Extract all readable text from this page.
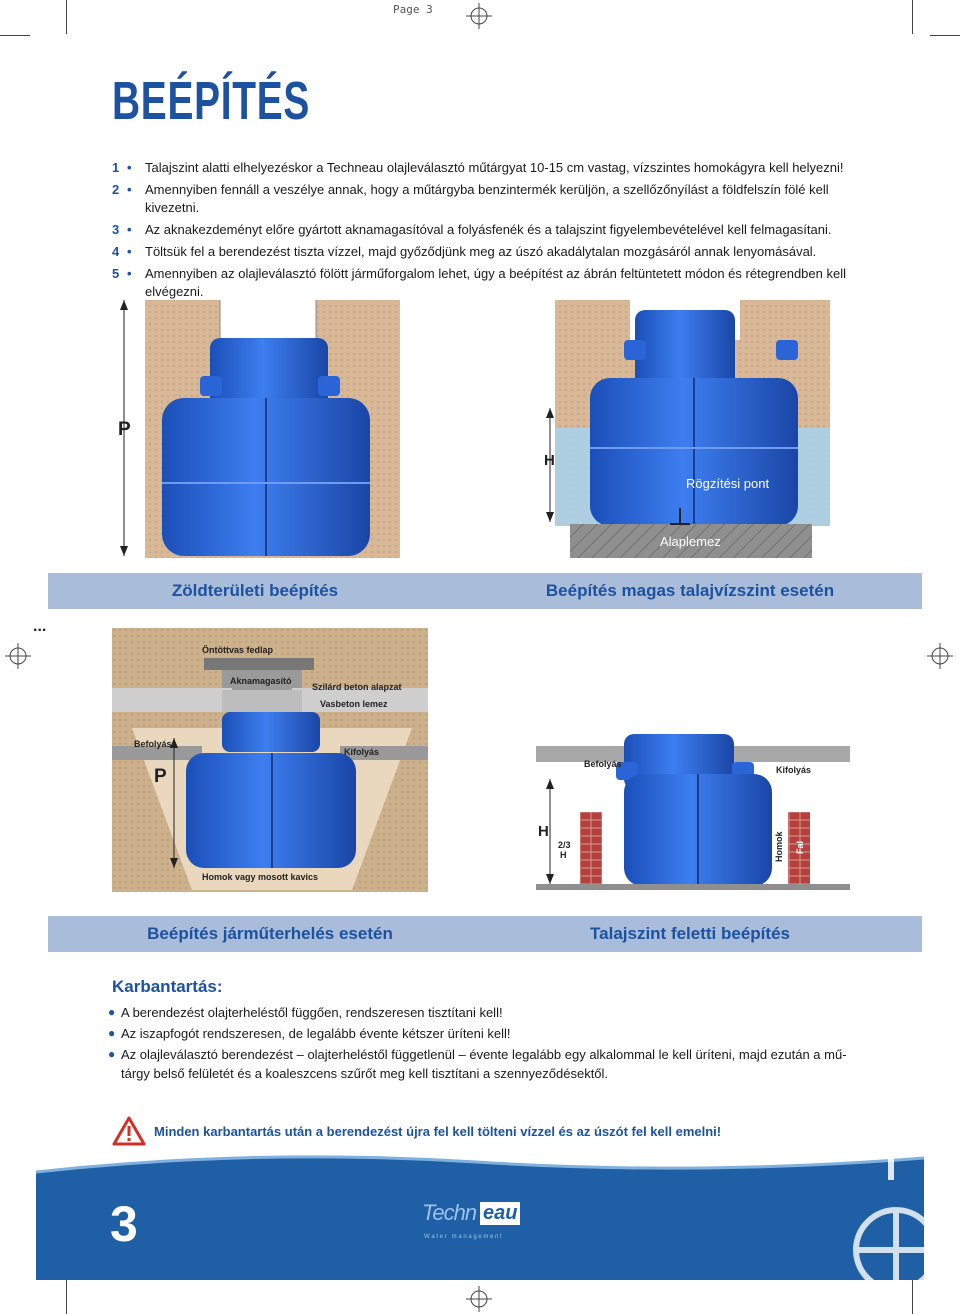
Page 3
BEÉPÍTÉS
1 • Talajszint alatti elhelyezéskor a Techneau olajleválasztó műtárgyat 10-15 cm vastag, vízszintes homokágyra kell helyezni!
2 • Amennyiben fennáll a veszélye annak, hogy a műtárgyba benzintermék kerüljön, a szellőzőnyílást a földfelszín fölé kell kivezetni.
3 • Az aknakezdeményt előre gyártott aknamagasítóval a folyásfenék és a talajszint figyelembevételével kell felmagasítani.
4 • Töltsük fel a berendezést tiszta vízzel, majd győződjünk meg az úszó akadálytalan mozgásáról annak lenyomásával.
5 • Amennyiben az olajleválasztó fölött járműforgalom lehet, úgy a beépítést az ábrán feltüntetett módon és rétegrendben kell elvégezni.
P
H
Rögzítési pont
Alaplemez
Zöldterületi beépítés	Beépítés magas talajvízszint esetén
...
Öntöttvas fedlap
Aknamagasító
Szilárd beton alapzat
Vasbeton lemez
Befolyás
Kifolyás
P
Homok vagy mosott kavics
H
2/3
H
Befolyás
Kifolyás
Homok Fal
Beépítés járműterhelés esetén	Talajszint feletti beépítés
Karbantartás:
● A berendezést olajterheléstől függően, rendszeresen tisztítani kell!
● Az iszapfogót rendszeresen, de legalább évente kétszer üríteni kell!
● Az olajleválasztó berendezést – olajterheléstől függetlenül – évente legalább egy alkalommal le kell üríteni, majd ezután a mű-tárgy belső felületét és a koaleszcens szűrőt meg kell tisztítani a szennyeződésektől.
Minden karbantartás után a berendezést újra fel kell tölteni vízzel és az úszót fel kell emelni!
3	Techn eau
W a t e r   m a n a g e m e n t
